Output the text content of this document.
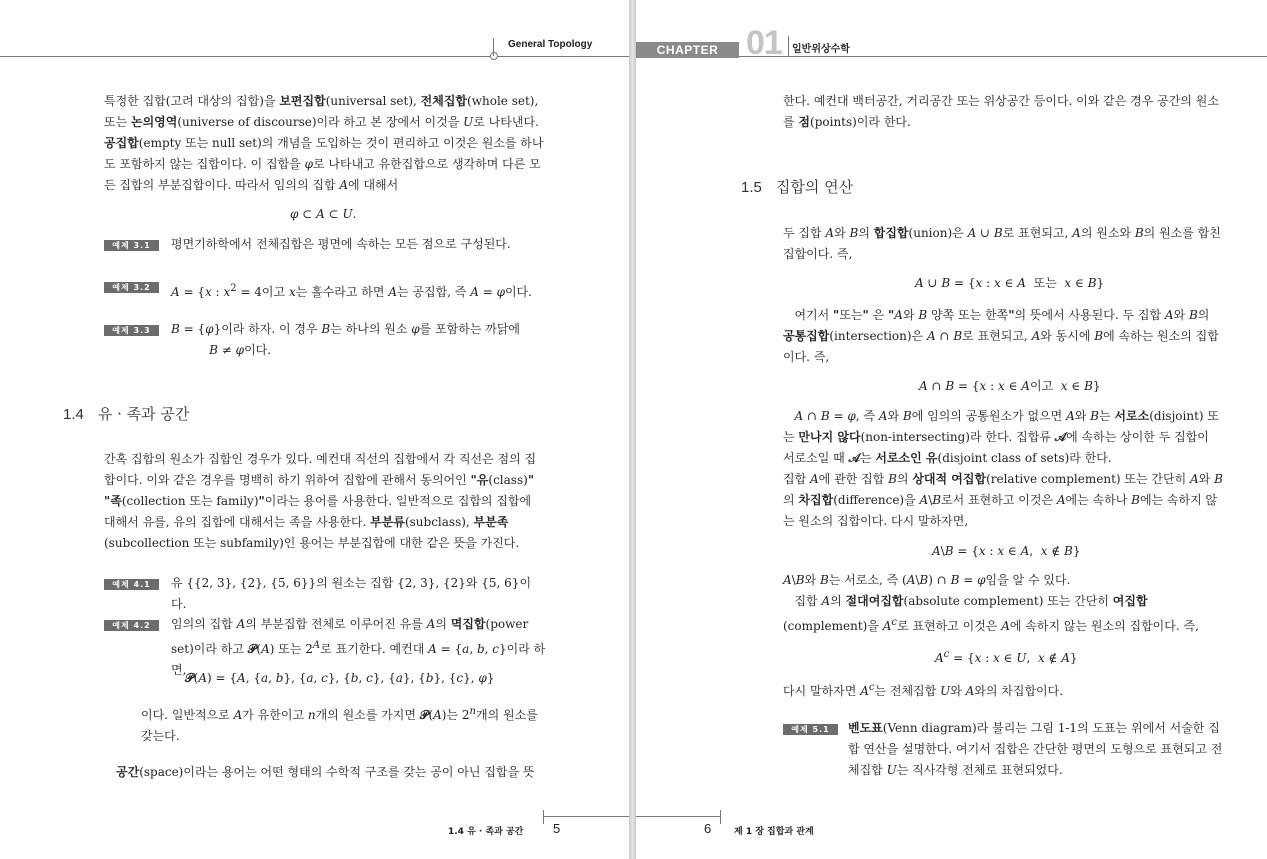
General Topology
특정한 집합(고려 대상의 집합)을 보편집합(universal set), 전체집합(whole set), 또는 논의영역(universe of discourse)이라 하고 본 장에서 이것을 U로 나타낸다. 공집합(empty 또는 null set)의 개념을 도입하는 것이 편리하고 이것은 원소를 하나도 포함하지 않는 집합이다. 이 집합을 φ로 나타내고 유한집합으로 생각하며 다른 모든 집합의 부분집합이다. 따라서 임의의 집합 A에 대해서
φ ⊂ A ⊂ U.
예제 3.1	평면기하학에서 전체집합은 평면에 속하는 모든 점으로 구성된다.
예제 3.2	A = {x : $x^2 = 4$이고 x는 홀수라고 하면 A는 공집합, 즉 A = φ이다.
예제 3.3	B = {φ}이라 하자. 이 경우 B는 하나의 원소 φ를 포함하는 까닭에
B ≠ φ이다.
1.4 유 · 족과 공간
간혹 집합의 원소가 집합인 경우가 있다. 예컨대 직선의 집합에서 각 직선은 점의 집합이다. 이와 같은 경우를 명백히 하기 위하여 집합에 관해서 동의어인 "유(class)" "족(collection 또는 family)"이라는 용어를 사용한다. 일반적으로 집합의 집합에 대해서 유를, 유의 집합에 대해서는 족을 사용한다. 부분류(subclass), 부분족(subcollection 또는 subfamily)인 용어는 부분집합에 대한 같은 뜻을 가진다.
예제 4.1	유 {{2, 3}, {2}, {5, 6}}의 원소는 집합 {2, 3}, {2}와 {5, 6}이다.
예제 4.2	임의의 집합 A의 부분집합 전체로 이루어진 유를 A의 멱집합(power set)이라 하고 𝒫(A) 또는 $2^A$로 표기한다. 예컨대 A = {a, b, c}이라 하면,
𝒫(A) = {A, {a, b}, {a, c}, {b, c}, {a}, {b}, {c}, φ}
이다. 일반적으로 A가 유한이고 n개의 원소를 가지면 𝒫(A)는 2$^n$개의 원소를 갖는다.
공간(space)이라는 용어는 어떤 형태의 수학적 구조를 갖는 공이 아닌 집합을 뜻
1.4 유 · 족과 공간 5
CHAPTER 01 일반위상수학
한다. 예컨대 백터공간, 거리공간 또는 위상공간 등이다. 이와 같은 경우 공간의 원소를 점(points)이라 한다.
1.5 집합의 연산
두 집합 A와 B의 합집합(union)은 A ∪ B로 표현되고, A의 원소와 B의 원소를 합친 집합이다. 즉,
A ∪ B = {x : x ∈ A  또는  x ∈ B}
여기서 "또는" 은 "A와 B 양쪽 또는 한쪽"의 뜻에서 사용된다. 두 집합 A와 B의 공통집합(intersection)은 A ∩ B로 표현되고, A와 동시에 B에 속하는 원소의 집합이다. 즉,
A ∩ B = {x : x ∈ A이고  x ∈ B}
A ∩ B = φ, 즉 A와 B에 임의의 공통원소가 없으면 A와 B는 서로소(disjoint) 또는 만나지 않다(non-intersecting)라 한다. 집합류 𝒜에 속하는 상이한 두 집합이 서로소일 때 𝒜는 서로소인 유(disjoint class of sets)라 한다.
집합 A에 관한 집합 B의 상대적 여집합(relative complement) 또는 간단히 A와 B의 차집합(difference)을 A\B로서 표현하고 이것은 A에는 속하나 B에는 속하지 않는 원소의 집합이다. 다시 말하자면,
A\B = {x : x ∈ A,  x ∉ B}
A\B와 B는 서로소, 즉 (A\B) ∩ B = φ임을 알 수 있다.
집합 A의 절대여집합(absolute complement) 또는 간단히 여집합(complement)을 $A^c$로 표현하고 이것은 A에 속하지 않는 원소의 집합이다. 즉,
$A^c = \{x$ : x ∈ U,  x ∉ A}
다시 말하자면 $A^c$는 전체집합 U와 A와의 차집합이다.
예제 5.1	벤도표(Venn diagram)라 불리는 그림 1-1의 도표는 위에서 서술한 집합 연산을 설명한다. 여기서 집합은 간단한 평면의 도형으로 표현되고 전체집합 U는 직사각형 전체로 표현되었다.
6	제 1 장 집합과 관계
